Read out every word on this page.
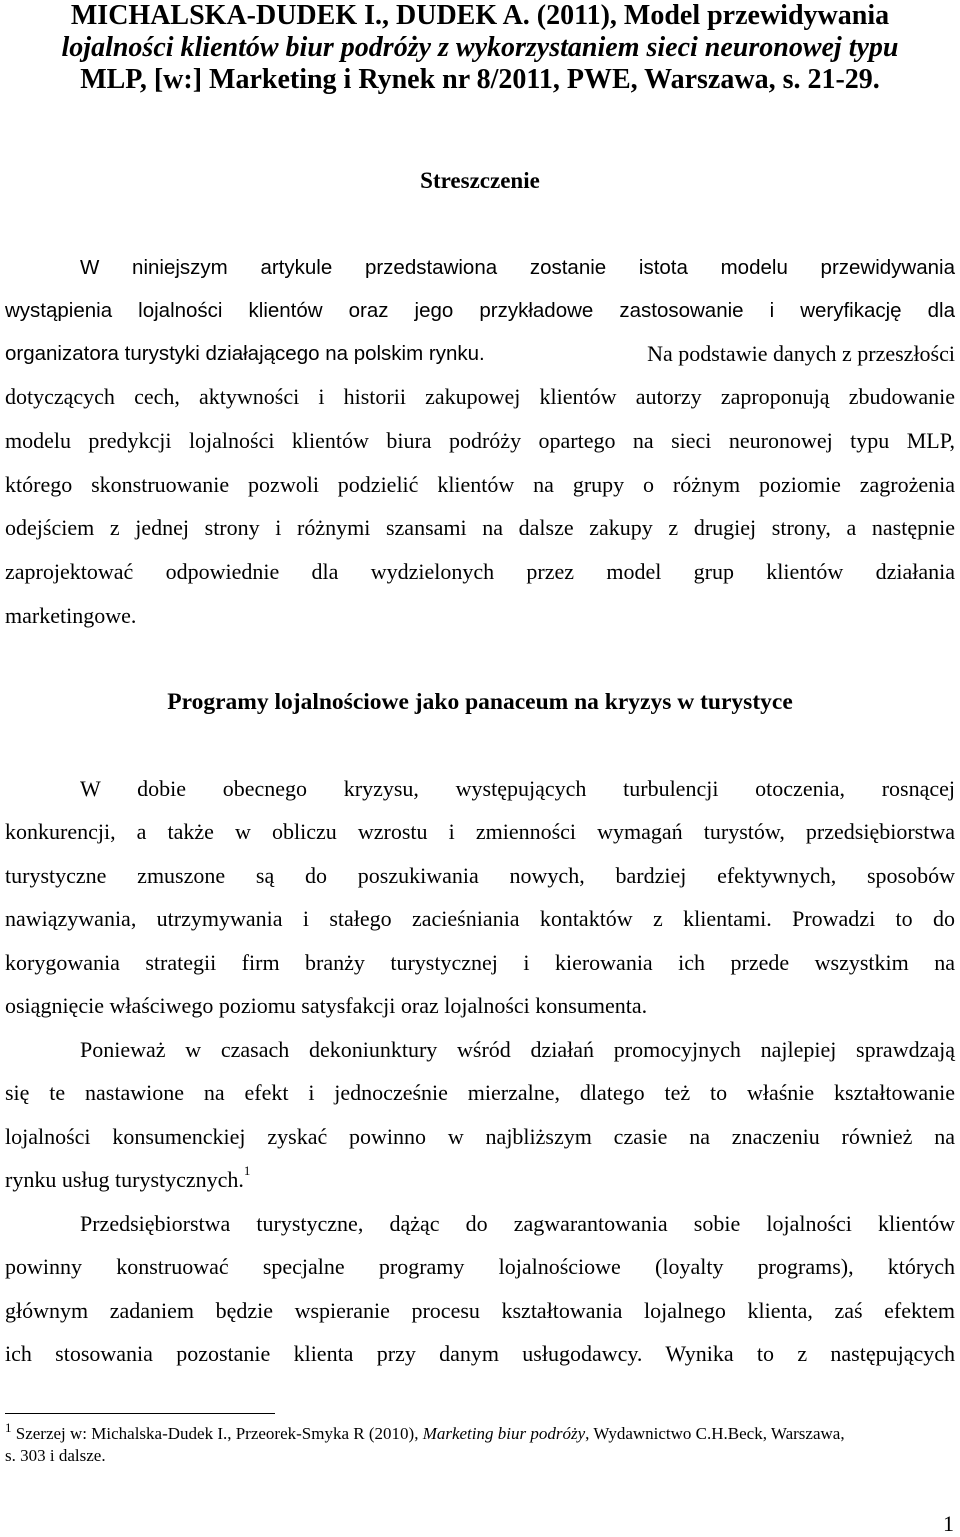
MICHALSKA-DUDEK I., DUDEK A. (2011), Model przewidywania
lojalności klientów biur podróży z wykorzystaniem sieci neuronowej typu
MLP, [w:] Marketing i Rynek nr 8/2011, PWE, Warszawa, s. 21-29.
Streszczenie
W niniejszym artykule przedstawiona zostanie istota modelu przewidywania
wystąpienia lojalności klientów oraz jego przykładowe zastosowanie i weryfikację dla
organizatora turystyki działającego na polskim rynku.	Na podstawie danych z przeszłości
dotyczących cech, aktywności i historii zakupowej klientów autorzy zaproponują zbudowanie
modelu predykcji lojalności klientów biura podróży opartego na sieci neuronowej typu MLP,
którego skonstruowanie pozwoli podzielić klientów na grupy o różnym poziomie zagrożenia
odejściem z jednej strony i różnymi szansami na dalsze zakupy z drugiej strony, a następnie
zaprojektować odpowiednie dla wydzielonych przez model grup klientów działania
marketingowe.
Programy lojalnościowe jako panaceum na kryzys w turystyce
W dobie obecnego kryzysu, występujących turbulencji otoczenia, rosnącej
konkurencji, a także w obliczu wzrostu i zmienności wymagań turystów, przedsiębiorstwa
turystyczne zmuszone są do poszukiwania nowych, bardziej efektywnych, sposobów
nawiązywania, utrzymywania i stałego zacieśniania kontaktów z klientami. Prowadzi to do
korygowania strategii firm branży turystycznej i kierowania ich przede wszystkim na
osiągnięcie właściwego poziomu satysfakcji oraz lojalności konsumenta.
Ponieważ w czasach dekoniunktury wśród działań promocyjnych najlepiej sprawdzają
się te nastawione na efekt i jednocześnie mierzalne, dlatego też to właśnie kształtowanie
lojalności konsumenckiej zyskać powinno w najbliższym czasie na znaczeniu również na
rynku usług turystycznych.$^1$
Przedsiębiorstwa turystyczne, dążąc do zagwarantowania sobie lojalności klientów
powinny konstruować specjalne programy lojalnościowe (loyalty programs), których
głównym zadaniem będzie wspieranie procesu kształtowania lojalnego klienta, zaś efektem
ich stosowania pozostanie klienta przy danym usługodawcy. Wynika to z następujących
$^1$ Szerzej w: Michalska-Dudek I., Przeorek-Smyka R (2010), Marketing biur podróży, Wydawnictwo C.H.Beck, Warszawa,
s. 303 i dalsze.
1
